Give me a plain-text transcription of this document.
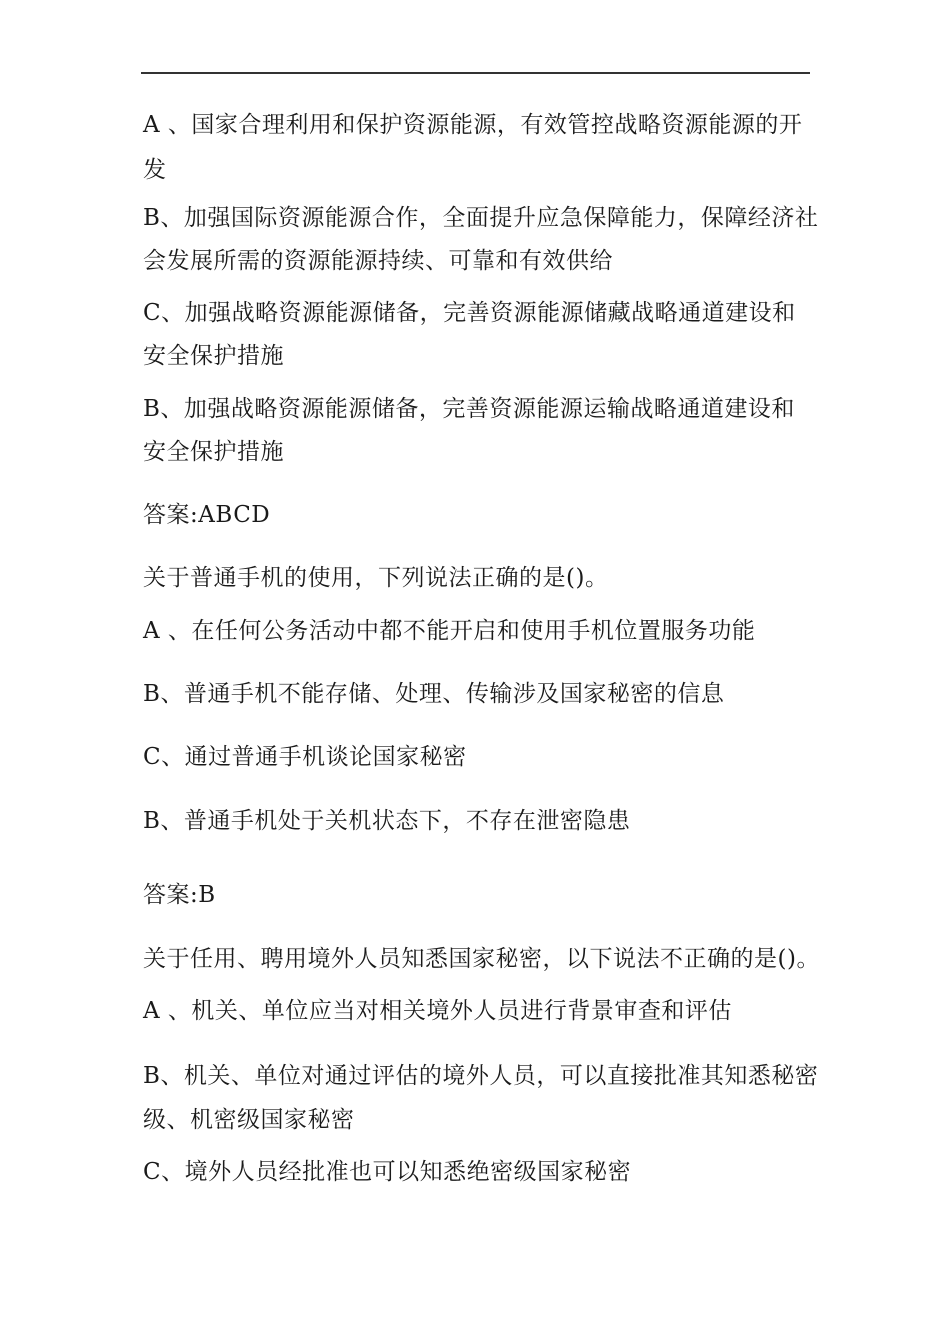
A 、国家合理利用和保护资源能源，有效管控战略资源能源的开
发
B、加强国际资源能源合作，全面提升应急保障能力，保障经济社
会发展所需的资源能源持续、可靠和有效供给
C、加强战略资源能源储备，完善资源能源储藏战略通道建设和
安全保护措施
B、加强战略资源能源储备，完善资源能源运输战略通道建设和
安全保护措施
答案:ABCD
关于普通手机的使用，下列说法正确的是()。
A 、在任何公务活动中都不能开启和使用手机位置服务功能
B、普通手机不能存储、处理、传输涉及国家秘密的信息
C、通过普通手机谈论国家秘密
B、普通手机处于关机状态下，不存在泄密隐患
答案:B
关于任用、聘用境外人员知悉国家秘密，以下说法不正确的是()。
A 、机关、单位应当对相关境外人员进行背景审查和评估
B、机关、单位对通过评估的境外人员，可以直接批准其知悉秘密
级、机密级国家秘密
C、境外人员经批准也可以知悉绝密级国家秘密
